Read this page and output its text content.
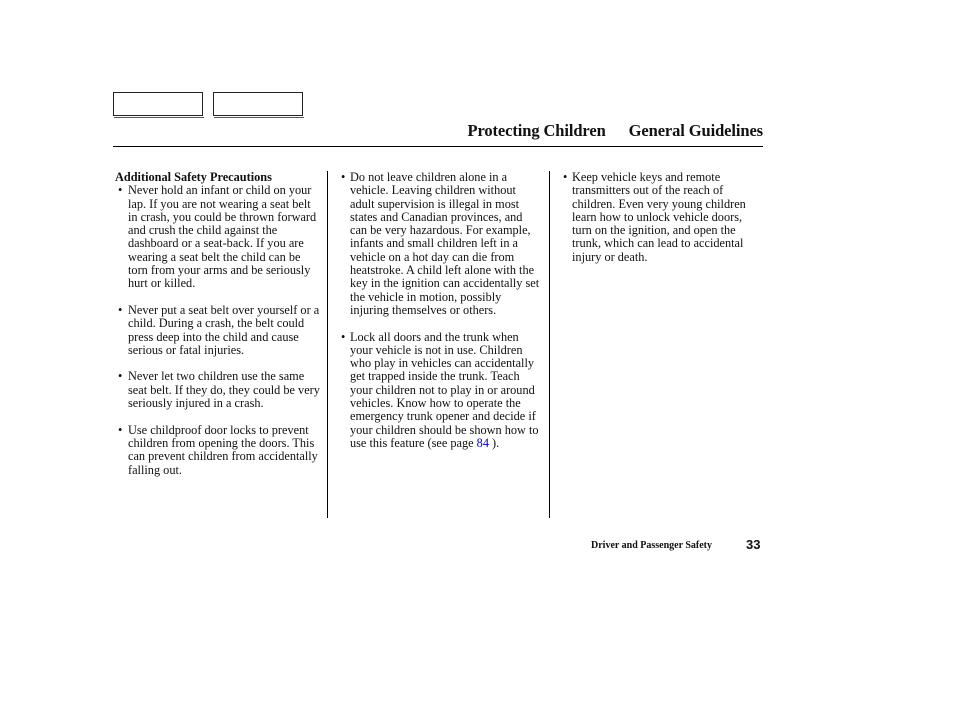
Protecting Children General Guidelines

Additional Safety Precautions

• Never hold an infant or child on your lap. If you are not wearing a seat belt in crash, you could be thrown forward and crush the child against the dashboard or a seat-back. If you are wearing a seat belt the child can be torn from your arms and be seriously hurt or killed.
• Never put a seat belt over yourself or a child. During a crash, the belt could press deep into the child and cause serious or fatal injuries.
• Never let two children use the same seat belt. If they do, they could be very seriously injured in a crash.
• Use childproof door locks to prevent children from opening the doors. This can prevent children from accidentally falling out.
• Do not leave children alone in a vehicle. Leaving children without adult supervision is illegal in most states and Canadian provinces, and can be very hazardous. For example, infants and small children left in a vehicle on a hot day can die from heatstroke. A child left alone with the key in the ignition can accidentally set the vehicle in motion, possibly injuring themselves or others.
• Lock all doors and the trunk when your vehicle is not in use. Children who play in vehicles can accidentally get trapped inside the trunk. Teach your children not to play in or around vehicles. Know how to operate the emergency trunk opener and decide if your children should be shown how to use this feature (see page 84 ).
• Keep vehicle keys and remote transmitters out of the reach of children. Even very young children learn how to unlock vehicle doors, turn on the ignition, and open the trunk, which can lead to accidental injury or death.
Driver and Passenger Safety	33
